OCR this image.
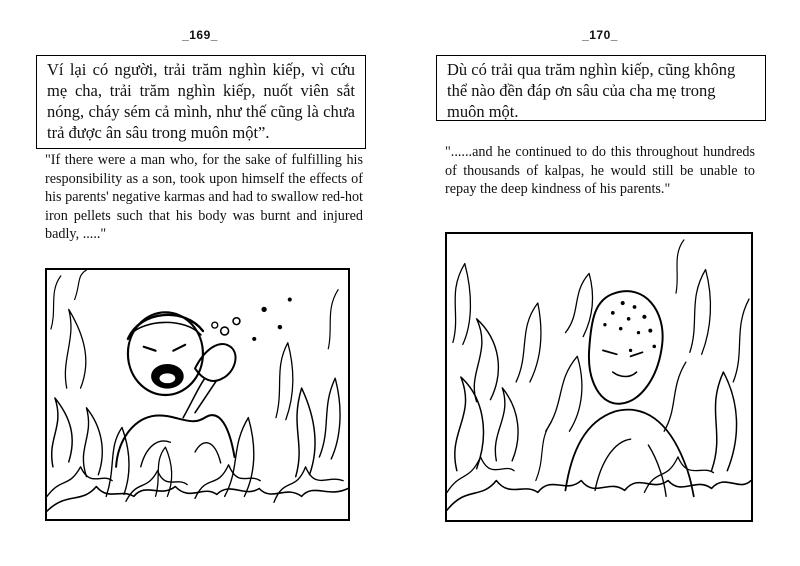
_169_
Ví lại có người, trải trăm nghìn kiếp, vì cứu mẹ cha, trải trăm nghìn kiếp, nuốt viên sắt nóng, cháy sém cả mình, như thế cũng là chưa trả được ân sâu trong muôn một”.
"If there were a man who, for the sake of fulfilling his responsibility as a son, took upon himself the effects of his parents' negative karmas and had to swallow red-hot iron pellets such that his body was burnt and injured badly, ....."
_170_
Dù có trải qua trăm nghìn kiếp, cũng không thể nào đền đáp ơn sâu của cha mẹ trong muôn một.
"......and he continued to do this throughout hundreds of thousands of kalpas, he would still be unable to repay the deep kindness of his parents."
